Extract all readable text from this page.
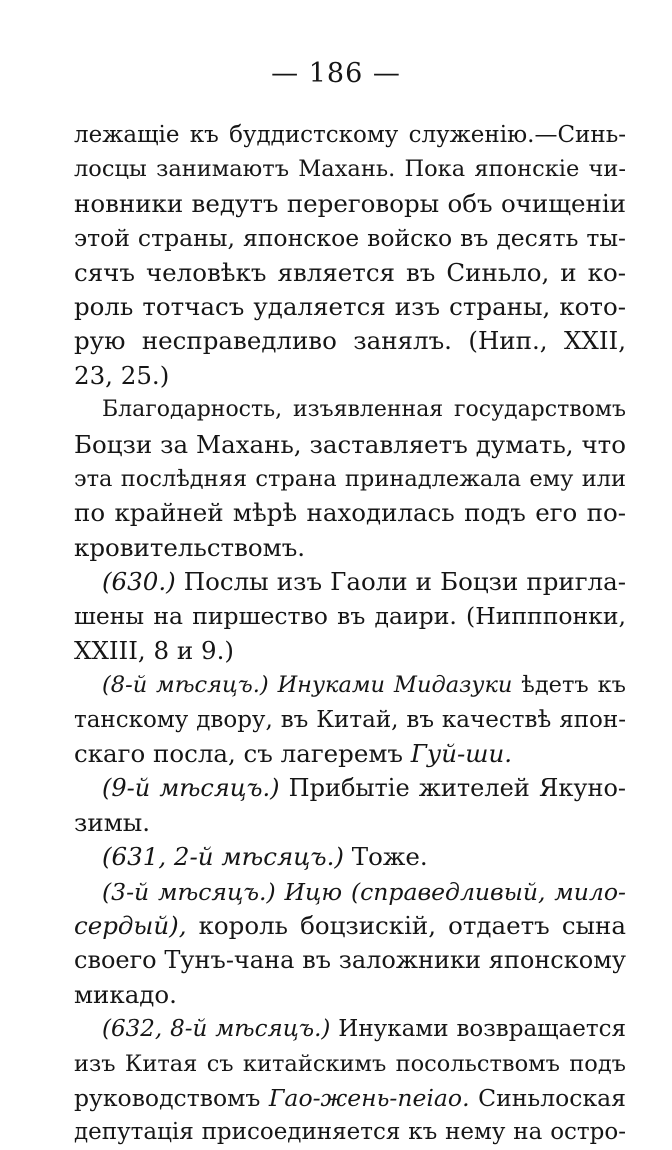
— 186 —
лежащіе къ буддистскому служенію.—Синь-
лосцы занимаютъ Махань. Пока японскіе чи-
новники ведутъ переговоры объ очищеніи
этой страны, японское войско въ десять ты-
сячъ человѣкъ является въ Синьло, и ко-
роль тотчасъ удаляется изъ страны, кото-
рую несправедливо занялъ. (Нип., XXII,
23, 25.)
Благодарность, изъявленная государствомъ
Боцзи за Махань, заставляетъ думать, что
эта послѣдняя страна принадлежала ему или
по крайней мѣрѣ находилась подъ его по-
кровительствомъ.
(630.) Послы изъ Гаоли и Боцзи пригла-
шены на пиршество въ даири. (Нипппонки,
XXIII, 8 и 9.)
(8-й мѣсяцъ.) Инуками Мидазуки ѣдетъ къ
танскому двору, въ Китай, въ качествѣ япон-
скаго посла, съ лагеремъ Гуй-ши.
(9-й мѣсяцъ.) Прибытіе жителей Якуно-
зимы.
(631, 2-й мѣсяцъ.) Тоже.
(3-й мѣсяцъ.) Ицю (справедливый, мило-
сердый), король боцзискій, отдаетъ сына
своего Тунъ-чана въ заложники японскому
микадо.
(632, 8-й мѣсяцъ.) Инуками возвращается
изъ Китая съ китайскимъ посольствомъ подъ
руководствомъ Гао-жень-пеіао. Синьлоская
депутація присоединяется къ нему на остро-
